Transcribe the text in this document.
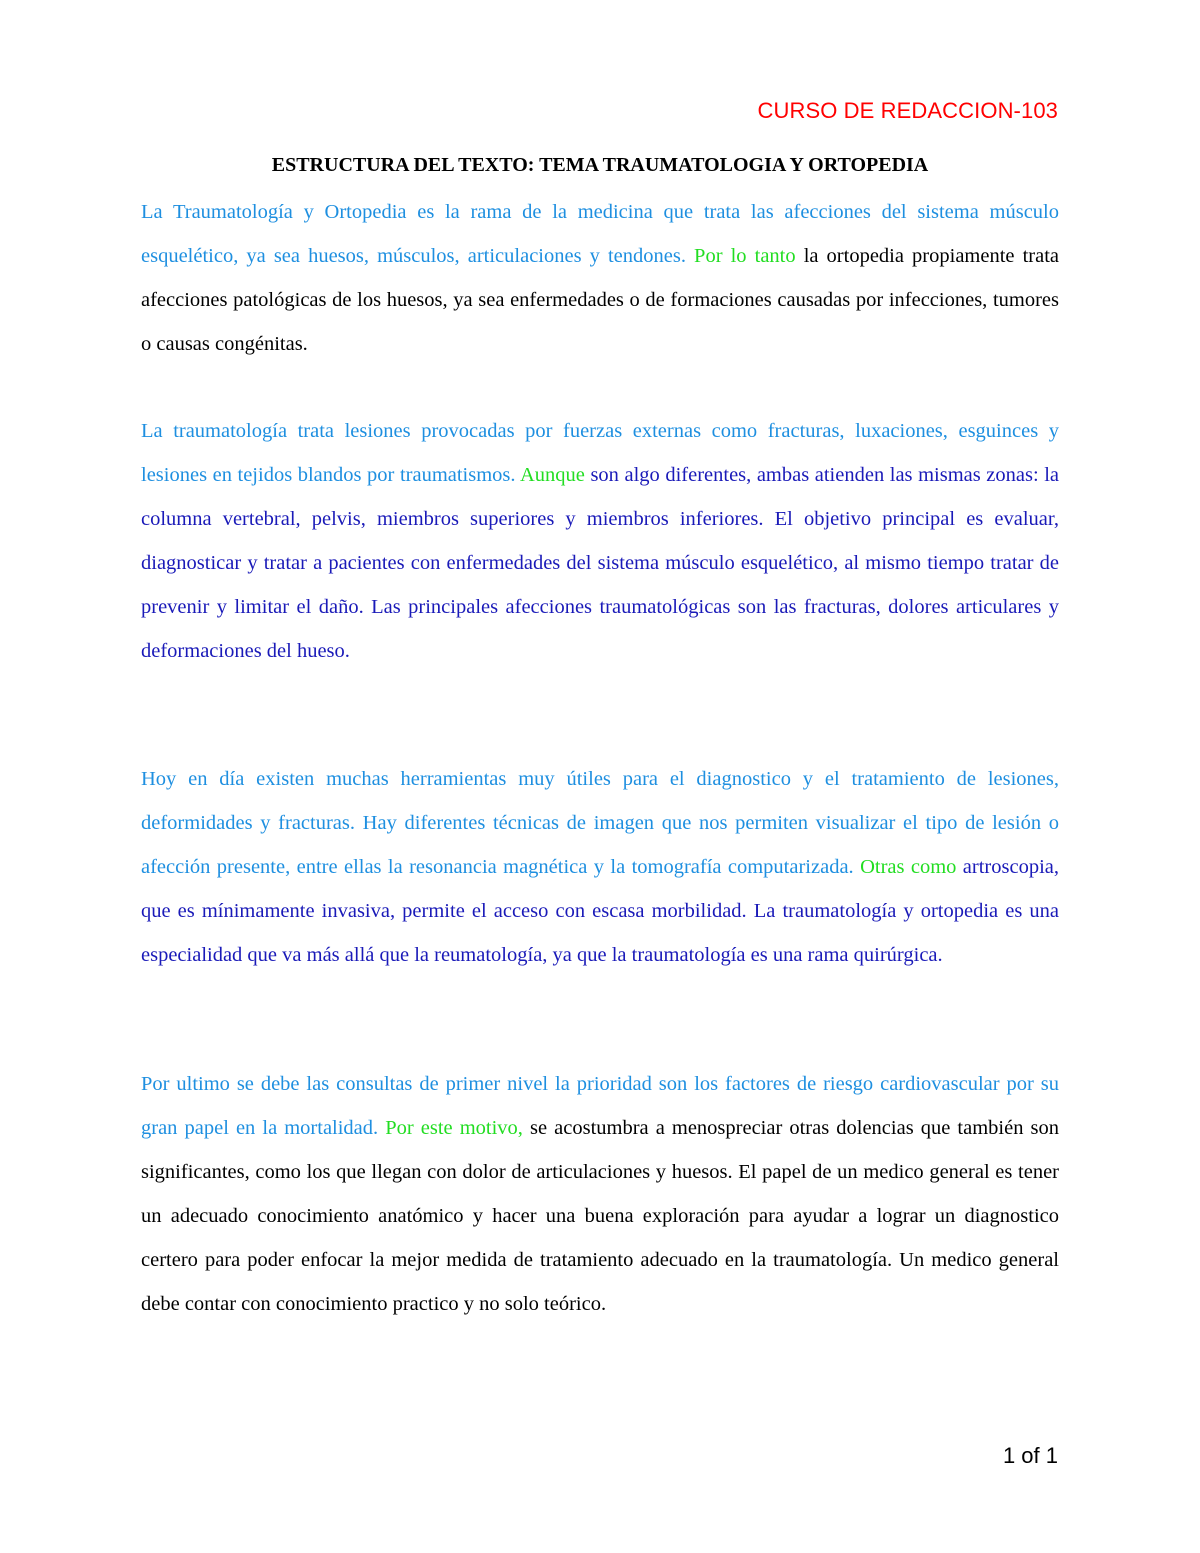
CURSO DE REDACCION-103
ESTRUCTURA DEL TEXTO: TEMA TRAUMATOLOGIA Y ORTOPEDIA

La Traumatología y Ortopedia es la rama de la medicina que trata las afecciones del sistema músculo esquelético, ya sea huesos, músculos, articulaciones y tendones. Por lo tanto la ortopedia propiamente trata afecciones patológicas de los huesos, ya sea enfermedades o de formaciones causadas por infecciones, tumores o causas congénitas.

La traumatología trata lesiones provocadas por fuerzas externas como fracturas, luxaciones, esguinces y lesiones en tejidos blandos por traumatismos. Aunque son algo diferentes, ambas atienden las mismas zonas: la columna vertebral, pelvis, miembros superiores y miembros inferiores. El objetivo principal es evaluar, diagnosticar y tratar a pacientes con enfermedades del sistema músculo esquelético, al mismo tiempo tratar de prevenir y limitar el daño. Las principales afecciones traumatológicas son las fracturas, dolores articulares y deformaciones del hueso.

Hoy en día existen muchas herramientas muy útiles para el diagnostico y el tratamiento de lesiones, deformidades y fracturas. Hay diferentes técnicas de imagen que nos permiten visualizar el tipo de lesión o afección presente, entre ellas la resonancia magnética y la tomografía computarizada. Otras como artroscopia, que es mínimamente invasiva, permite el acceso con escasa morbilidad. La traumatología y ortopedia es una especialidad que va más allá que la reumatología, ya que la traumatología es una rama quirúrgica.

Por ultimo se debe las consultas de primer nivel la prioridad son los factores de riesgo cardiovascular por su gran papel en la mortalidad. Por este motivo, se acostumbra a menospreciar otras dolencias que también son significantes, como los que llegan con dolor de articulaciones y huesos. El papel de un medico general es tener un adecuado conocimiento anatómico y hacer una buena exploración para ayudar a lograr un diagnostico certero para poder enfocar la mejor medida de tratamiento adecuado en la traumatología. Un medico general debe contar con conocimiento practico y no solo teórico.

1 of 1
